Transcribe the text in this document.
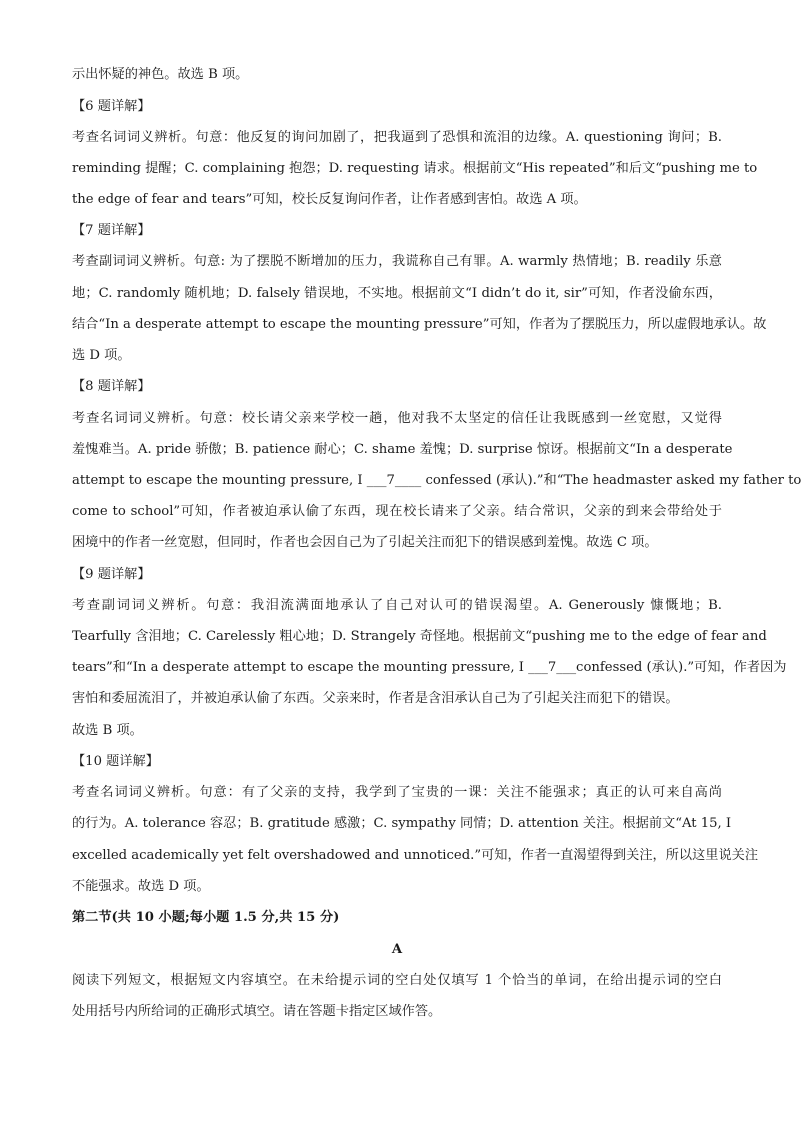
示出怀疑的神色。故选 B 项。
【6 题详解】
考查名词词义辨析。句意：他反复的询问加剧了，把我逼到了恐惧和流泪的边缘。A. questioning 询问；B.
reminding 提醒；C. complaining 抱怨；D. requesting 请求。根据前文“His repeated”和后文“pushing me to
the edge of fear and tears”可知，校长反复询问作者，让作者感到害怕。故选 A 项。
【7 题详解】
考查副词词义辨析。句意: 为了摆脱不断增加的压力，我谎称自己有罪。A. warmly 热情地；B. readily 乐意
地；C. randomly 随机地；D. falsely 错误地，不实地。根据前文“I didn’t do it, sir”可知，作者没偷东西，
结合“In a desperate attempt to escape the mounting pressure”可知，作者为了摆脱压力，所以虚假地承认。故
选 D 项。
【8 题详解】
考查名词词义辨析。句意：校长请父亲来学校一趟，他对我不太坚定的信任让我既感到一丝宽慰，又觉得
羞愧难当。A. pride 骄傲；B. patience 耐心；C. shame 羞愧；D. surprise 惊讶。根据前文“In a desperate
attempt to escape the mounting pressure, I ___7____ confessed (承认).”和“The headmaster asked my father to
come to school”可知，作者被迫承认偷了东西，现在校长请来了父亲。结合常识，父亲的到来会带给处于
困境中的作者一丝宽慰，但同时，作者也会因自己为了引起关注而犯下的错误感到羞愧。故选 C 项。
【9 题详解】
考查副词词义辨析。句意：我泪流满面地承认了自己对认可的错误渴望。A. Generously 慷慨地；B.
Tearfully 含泪地；C. Carelessly 粗心地；D. Strangely 奇怪地。根据前文“pushing me to the edge of fear and
tears”和“In a desperate attempt to escape the mounting pressure, I ___7___confessed (承认).”可知，作者因为
害怕和委屈流泪了，并被迫承认偷了东西。父亲来时，作者是含泪承认自己为了引起关注而犯下的错误。
故选 B 项。
【10 题详解】
考查名词词义辨析。句意：有了父亲的支持，我学到了宝贵的一课：关注不能强求；真正的认可来自高尚
的行为。A. tolerance 容忍；B. gratitude 感激；C. sympathy 同情；D. attention 关注。根据前文“At 15, I
excelled academically yet felt overshadowed and unnoticed.”可知，作者一直渴望得到关注，所以这里说关注
不能强求。故选 D 项。
第二节(共 10 小题;每小题 1.5 分,共 15 分)
A
阅读下列短文，根据短文内容填空。在未给提示词的空白处仅填写 1 个恰当的单词，在给出提示词的空白
处用括号内所给词的正确形式填空。请在答题卡指定区域作答。
